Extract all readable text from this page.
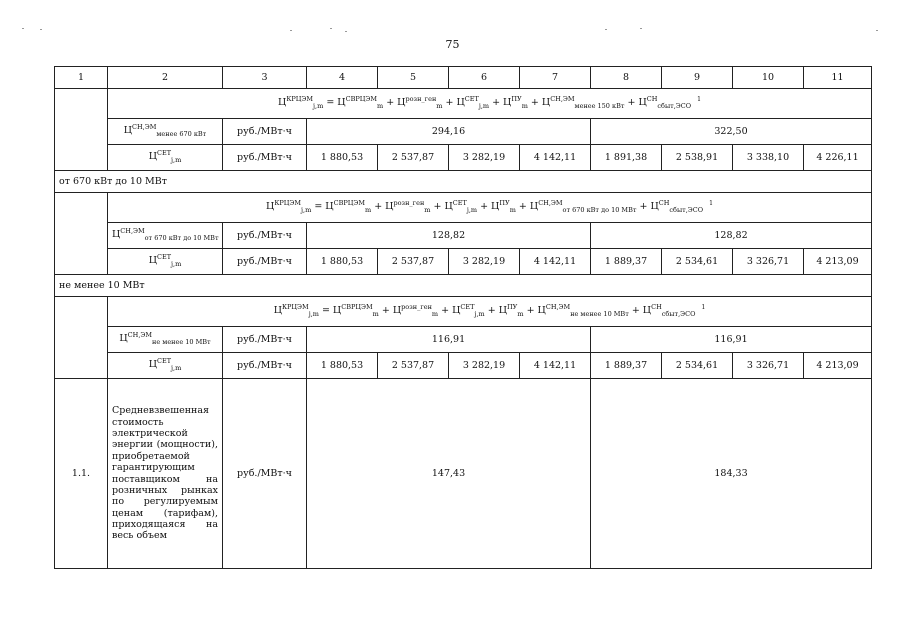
75
1	2	3	4	5	6	7	8	9	10	11
	$Ц^{КРЦЭМ}_{j,m} = Ц^{СВРЦЭМ}_m + Ц^{розн\_ген}_m + Ц^{СЕТ}_{j,m} + Ц^{ПУ}_m + Ц^{СН,ЭМ}_{менее 150 кВт} + Ц^{СН}_{сбыт,ЭСО}$  $^1$
	$Ц^{СН,ЭМ}_{менее 670 кВт}$	руб./МВт·ч	294,16				322,50			
	$Ц^{СЕТ}_{j,m}$	руб./МВт·ч	1 880,53	2 537,87	3 282,19	4 142,11	1 891,38	2 538,91	3 338,10	4 226,11
от 670 кВт до 10 МВт										
	$Ц^{КРЦЭМ}_{j,m} = Ц^{СВРЦЭМ}_m + Ц^{розн\_ген}_m + Ц^{СЕТ}_{j,m} + Ц^{ПУ}_m + Ц^{СН,ЭМ}_{от 670 кВт до 10 МВт} + Ц^{СН}_{сбыт,ЭСО}$  $^1$
	$Ц^{СН,ЭМ}_{от 670 кВт до 10 МВт}$	руб./МВт·ч	128,82				128,82			
	$Ц^{СЕТ}_{j,m}$	руб./МВт·ч	1 880,53	2 537,87	3 282,19	4 142,11	1 889,37	2 534,61	3 326,71	4 213,09
не менее 10 МВт										
	$Ц^{КРЦЭМ}_{j,m} = Ц^{СВРЦЭМ}_m + Ц^{розн\_ген}_m + Ц^{СЕТ}_{j,m} + Ц^{ПУ}_m + Ц^{СН,ЭМ}_{не менее 10 МВт} + Ц^{СН}_{сбыт,ЭСО}$  $^1$
	$Ц^{СН,ЭМ}_{не менее 10 МВт}$	руб./МВт·ч	116,91				116,91			
	$Ц^{СЕТ}_{j,m}$	руб./МВт·ч	1 880,53	2 537,87	3 282,19	4 142,11	1 889,37	2 534,61	3 326,71	4 213,09
1.1.	Средневзвешенная стоимость электрической энергии (мощности), приобретаемой гарантирующим поставщиком на розничных рынках по регулируемым ценам (тарифам), приходящаяся на весь объем	руб./МВт·ч	147,43				184,33			
